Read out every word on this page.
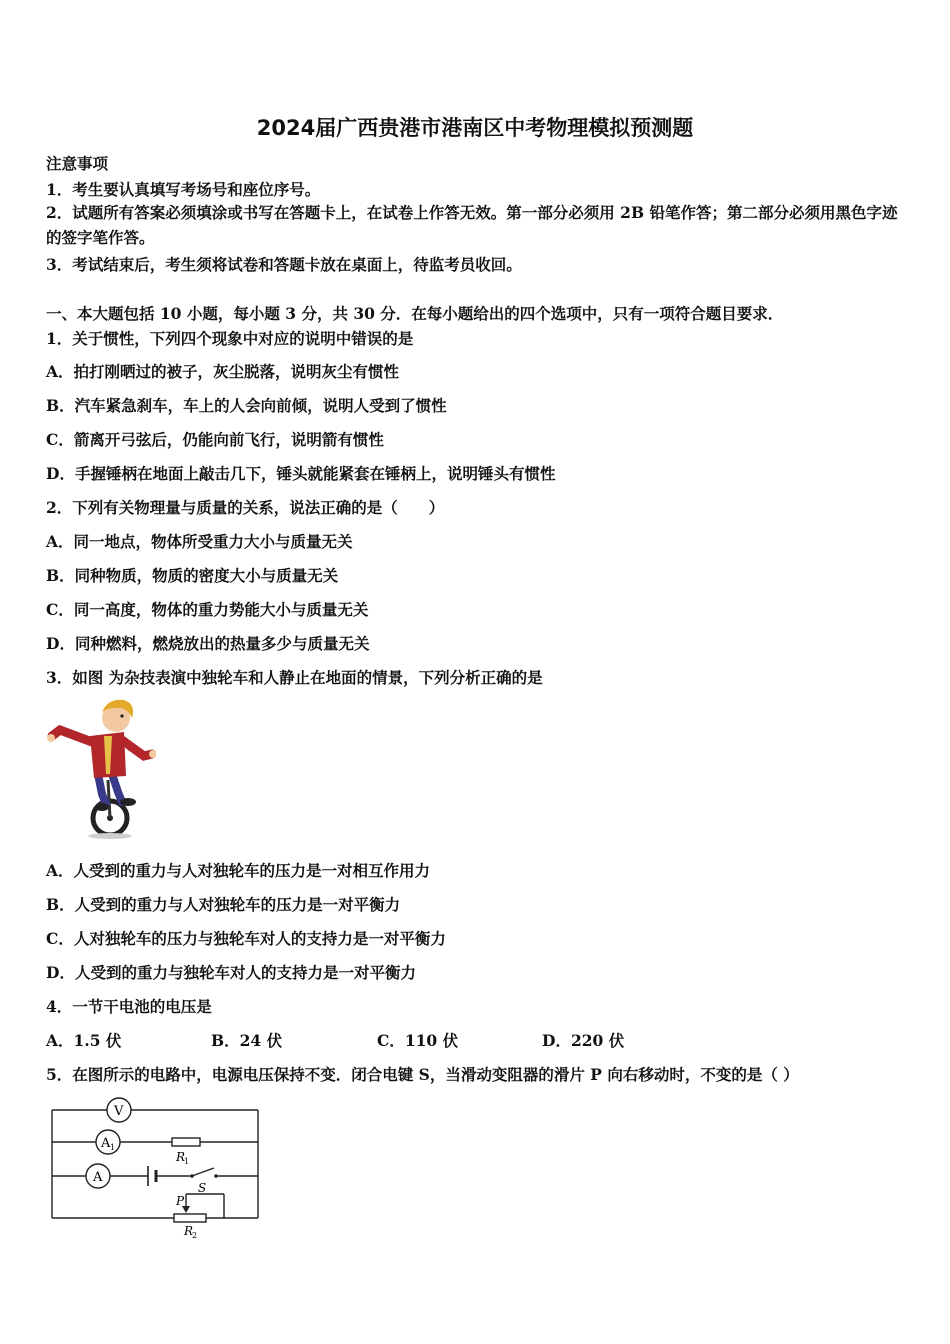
2024届广西贵港市港南区中考物理模拟预测题
注意事项
1．考生要认真填写考场号和座位序号。
2．试题所有答案必须填涂或书写在答题卡上，在试卷上作答无效。第一部分必须用 2B 铅笔作答；第二部分必须用黑色字迹的签字笔作答。
3．考试结束后，考生须将试卷和答题卡放在桌面上，待监考员收回。
一、本大题包括 10 小题，每小题 3 分，共 30 分．在每小题给出的四个选项中，只有一项符合题目要求．
1．关于惯性，下列四个现象中对应的说明中错误的是
A．拍打刚晒过的被子，灰尘脱落，说明灰尘有惯性
B．汽车紧急刹车，车上的人会向前倾，说明人受到了惯性
C．箭离开弓弦后，仍能向前飞行，说明箭有惯性
D．手握锤柄在地面上敲击几下，锤头就能紧套在锤柄上，说明锤头有惯性
2．下列有关物理量与质量的关系，说法正确的是（　　）
A．同一地点，物体所受重力大小与质量无关
B．同种物质，物质的密度大小与质量无关
C．同一高度，物体的重力势能大小与质量无关
D．同种燃料，燃烧放出的热量多少与质量无关
3．如图 为杂技表演中独轮车和人静止在地面的情景，下列分析正确的是
A．人受到的重力与人对独轮车的压力是一对相互作用力
B．人受到的重力与人对独轮车的压力是一对平衡力
C．人对独轮车的压力与独轮车对人的支持力是一对平衡力
D．人受到的重力与独轮车对人的支持力是一对平衡力
4．一节干电池的电压是
A．1.5 伏	B．24 伏	C．110 伏	D．220 伏
5．在图所示的电路中，电源电压保持不变．闭合电键 S，当滑动变阻器的滑片 P 向右移动时，不变的是（ ）
V
A 1
A
R
1
S
P
R
2
